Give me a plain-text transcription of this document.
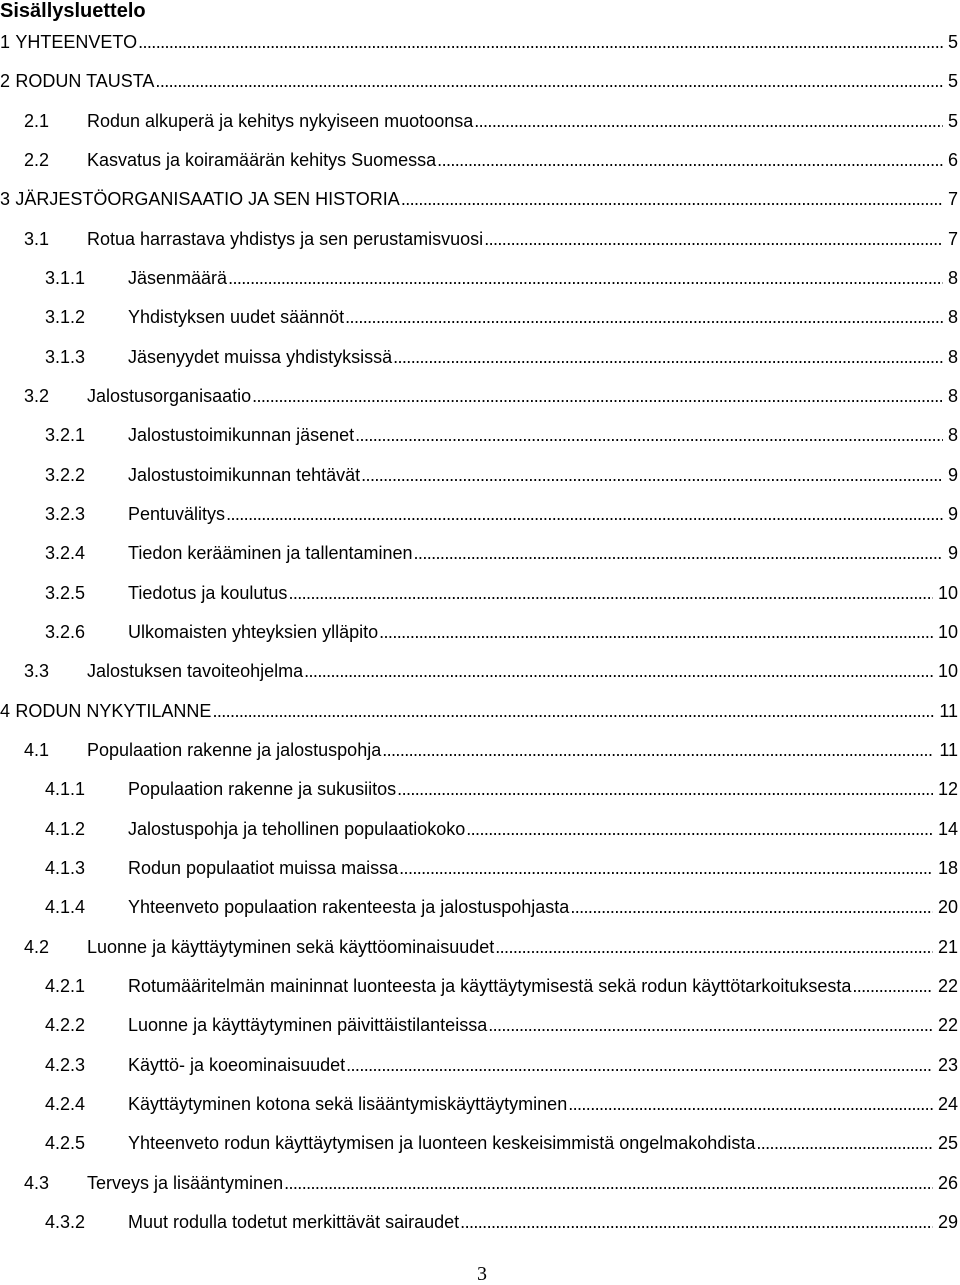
Sisällysluettelo
1 YHTEENVETO .....	5
2 RODUN TAUSTA .....	5
2.1	Rodun alkuperä ja kehitys nykyiseen muotoonsa .....	5
2.2	Kasvatus ja koiramäärän kehitys Suomessa .....	6
3 JÄRJESTÖORGANISAATIO JA SEN HISTORIA .....	7
3.1	Rotua harrastava yhdistys ja sen perustamisvuosi .....	7
3.1.1	Jäsenmäärä .....	8
3.1.2	Yhdistyksen uudet säännöt .....	8
3.1.3	Jäsenyydet muissa yhdistyksissä .....	8
3.2	Jalostusorganisaatio .....	8
3.2.1	Jalostustoimikunnan jäsenet .....	8
3.2.2	Jalostustoimikunnan tehtävät .....	9
3.2.3	Pentuvälitys .....	9
3.2.4	Tiedon kerääminen ja tallentaminen .....	9
3.2.5	Tiedotus ja koulutus .....	10
3.2.6	Ulkomaisten yhteyksien ylläpito .....	10
3.3	Jalostuksen tavoiteohjelma .....	10
4 RODUN NYKYTILANNE .....	11
4.1	Populaation rakenne ja jalostuspohja .....	11
4.1.1	Populaation rakenne ja sukusiitos .....	12
4.1.2	Jalostuspohja ja tehollinen populaatiokoko .....	14
4.1.3	Rodun populaatiot muissa maissa .....	18
4.1.4	Yhteenveto populaation rakenteesta ja jalostuspohjasta .....	20
4.2	Luonne ja käyttäytyminen sekä käyttöominaisuudet .....	21
4.2.1	Rotumääritelmän maininnat luonteesta ja käyttäytymisestä sekä rodun käyttötarkoituksesta .....	22
4.2.2	Luonne ja käyttäytyminen päivittäistilanteissa .....	22
4.2.3	Käyttö- ja koeominaisuudet .....	23
4.2.4	Käyttäytyminen kotona sekä lisääntymiskäyttäytyminen .....	24
4.2.5	Yhteenveto rodun käyttäytymisen ja luonteen keskeisimmistä ongelmakohdista .....	25
4.3	Terveys ja lisääntyminen .....	26
4.3.2	Muut rodulla todetut merkittävät sairaudet .....	29
3
